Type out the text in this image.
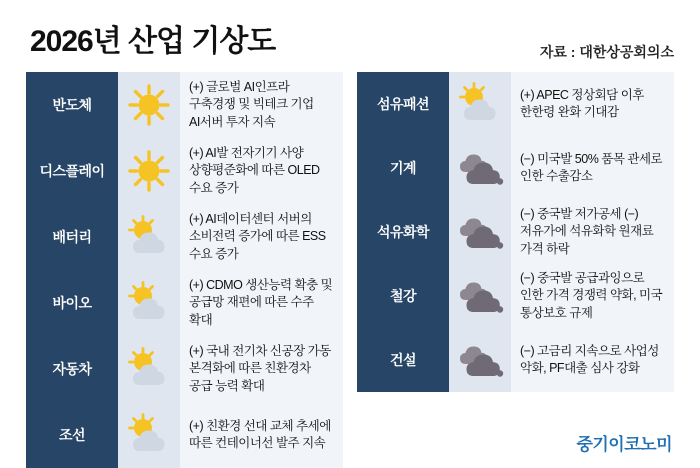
2026년 산업 기상도	자료 : 대한상공회의소
반도체
(+) 글로벌 AI인프라 구축경쟁 및 빅테크 기업 AI서버 투자 지속
디스플레이
(+) AI발 전자기기 사양 상향평준화에 따른 OLED 수요 증가
배터리
(+) AI데이터센터 서버의 소비전력 증가에 따른 ESS 수요 증가
바이오
(+) CDMO 생산능력 확충 및 공급망 재편에 따른 수주 확대
자동차
(+) 국내 전기차 신공장 가동 본격화에 따른 친환경차 공급 능력 확대
조선
(+) 친환경 선대 교체 추세에 따른 컨테이너선 발주 지속
섬유패션
(+) APEC 정상회담 이후 한한령 완화 기대감
기계
(−) 미국발 50% 품목 관세로 인한 수출감소
석유화학
(−) 중국발 저가공세 (−) 저유가에 석유화학 원재료 가격 하락
철강
(−) 중국발 공급과잉으로 인한 가격 경쟁력 약화, 미국 통상보호 규제
건설
(−) 고금리 지속으로 사업성 악화, PF대출 심사 강화
중기이코노미
